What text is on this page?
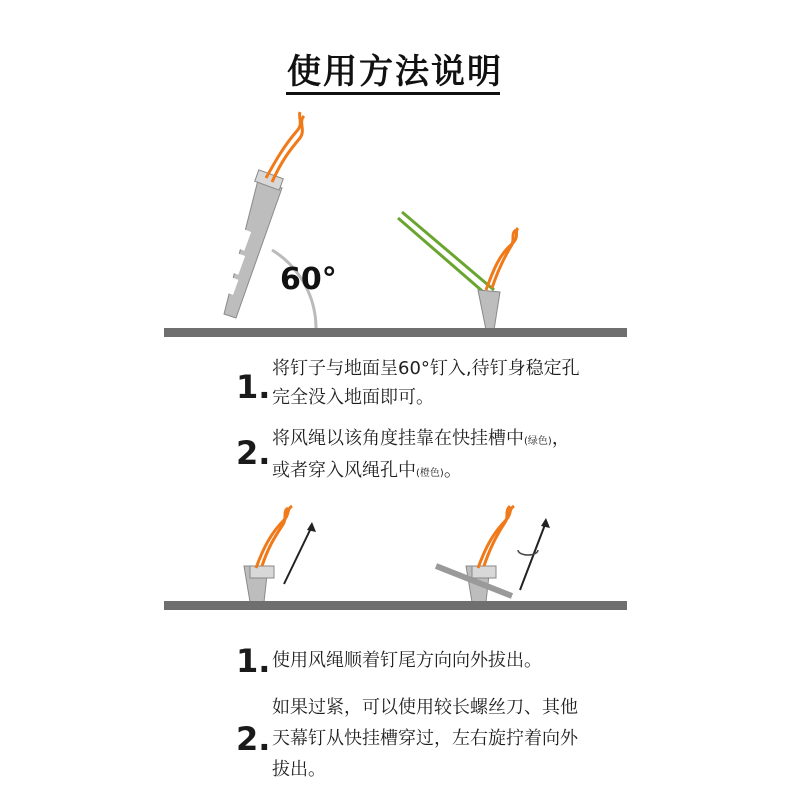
使用方法说明
60°
1. 将钉子与地面呈60°钉入,待钉身稳定孔
完全没入地面即可。
2. 将风绳以该角度挂靠在快挂槽中(绿色)，
或者穿入风绳孔中(橙色)。
1. 使用风绳顺着钉尾方向向外拔出。
2.
如果过紧，可以使用较长螺丝刀、其他
天幕钉从快挂槽穿过，左右旋拧着向外
拔出。
